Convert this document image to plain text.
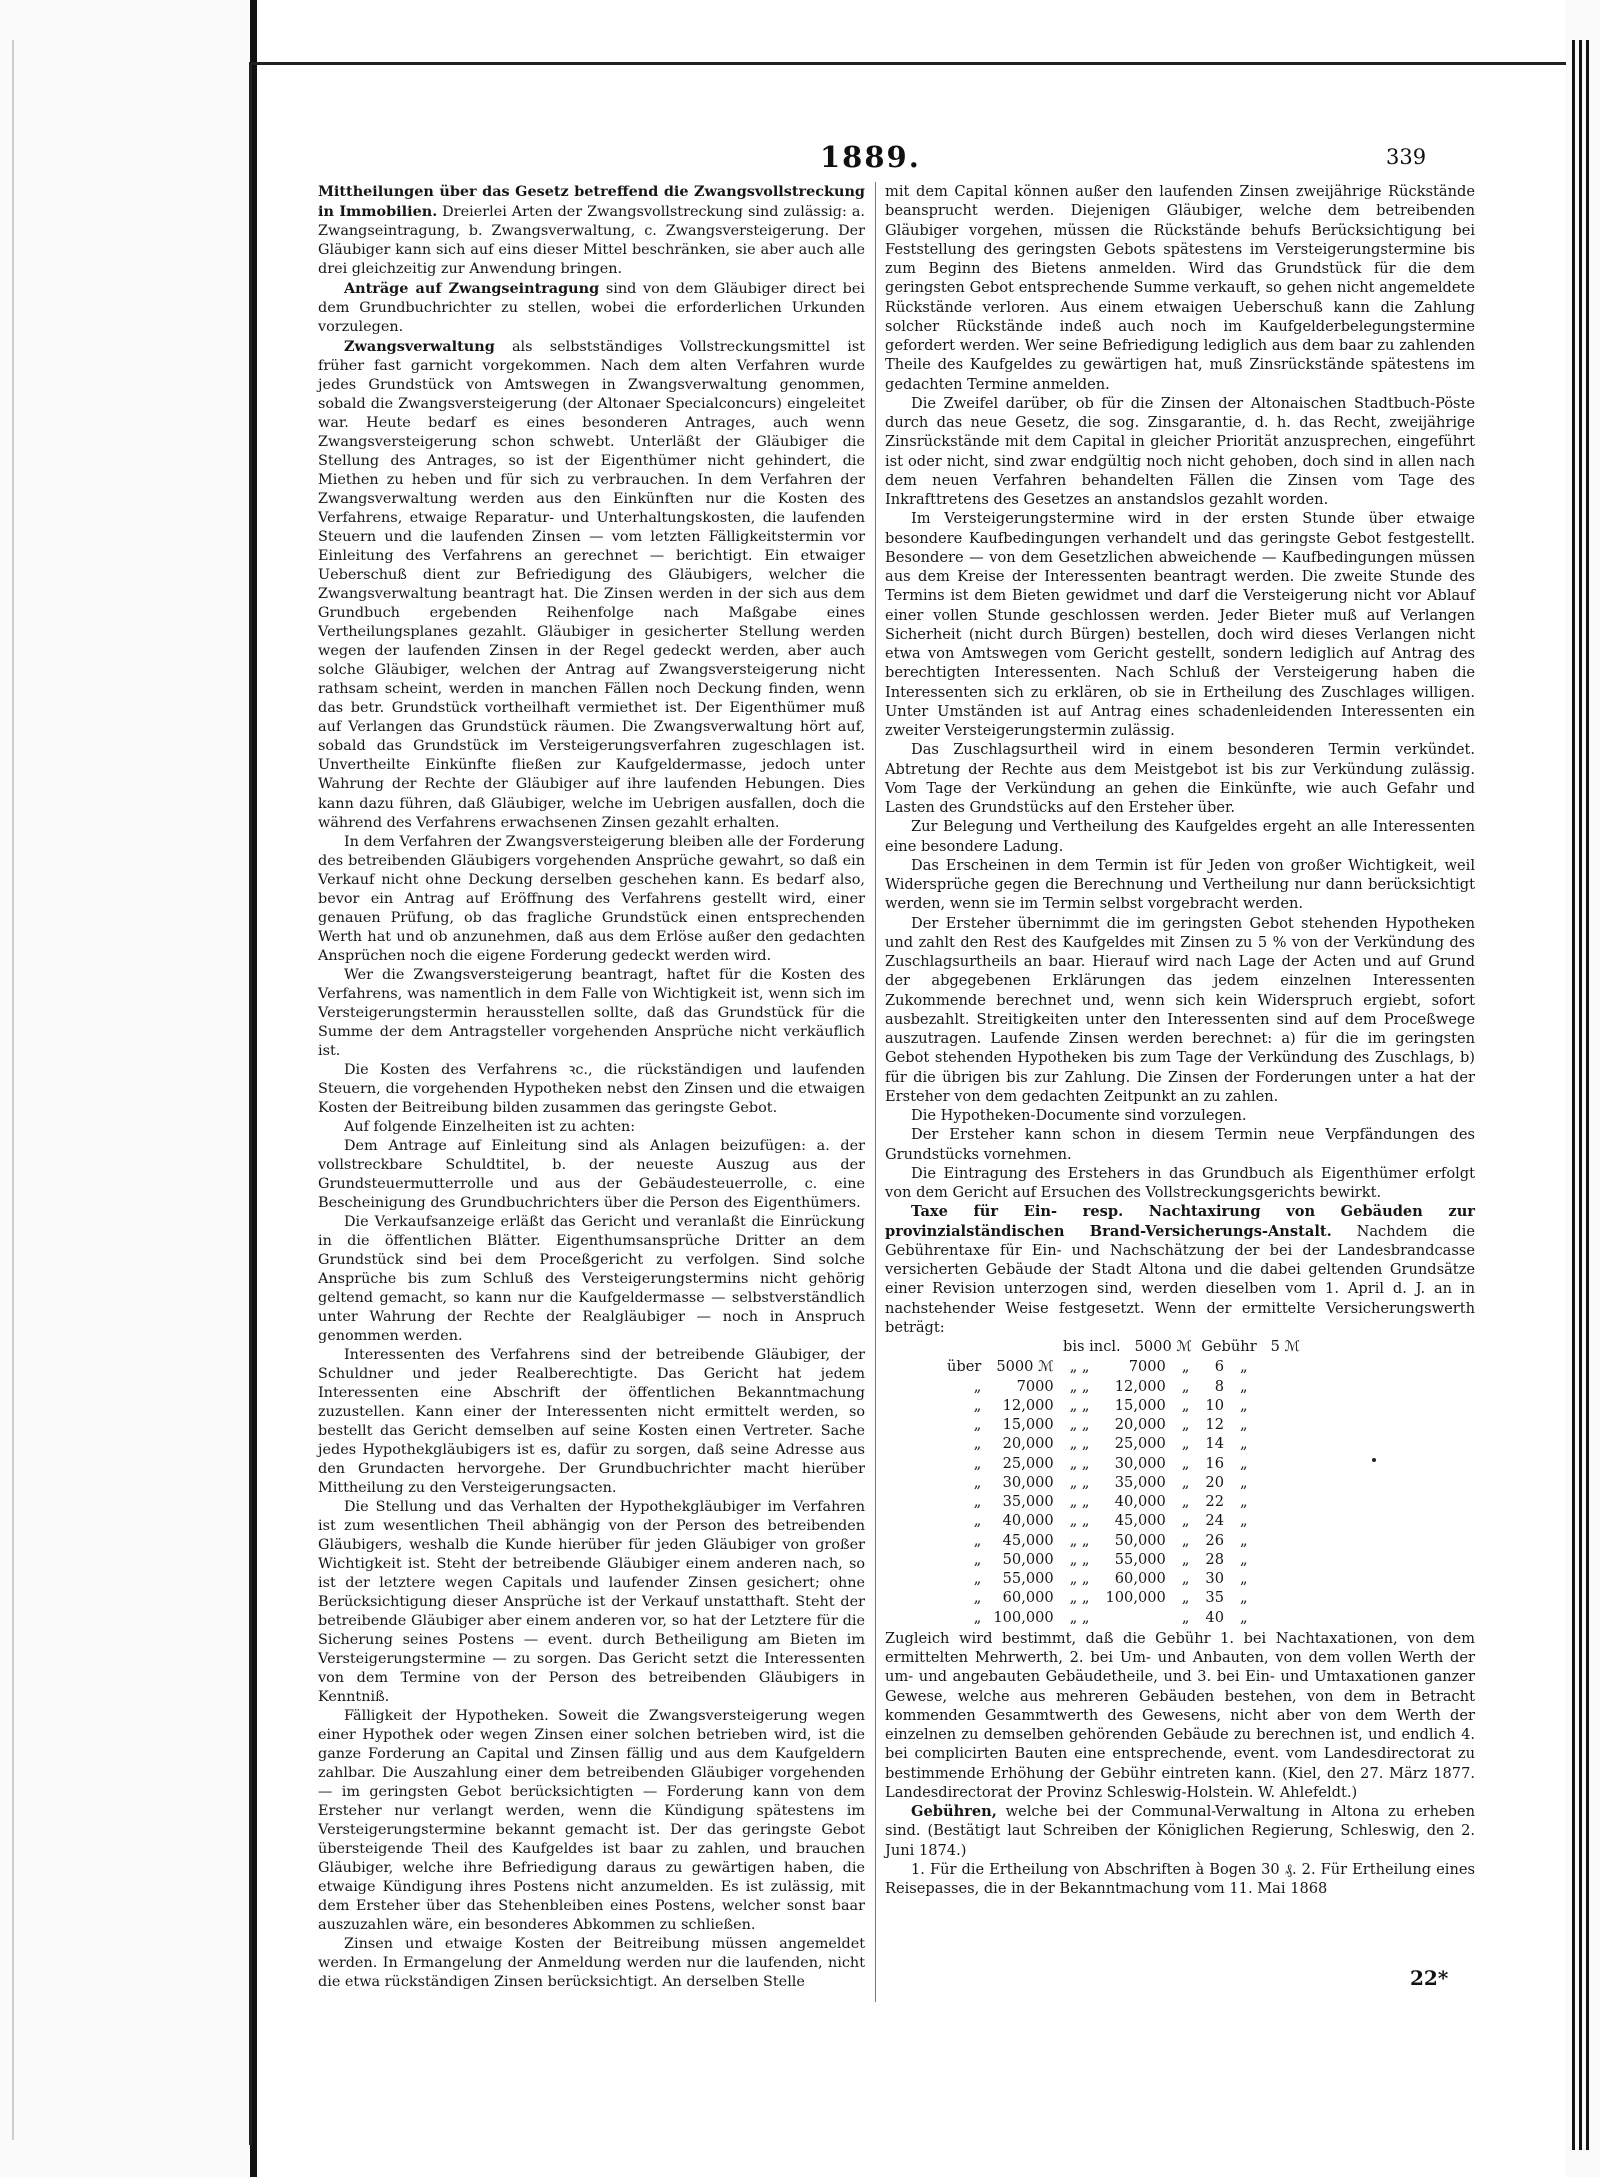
1889.	339

Mittheilungen über das Gesetz betreffend die Zwangsvollstreckung in Immobilien. Dreierlei Arten der Zwangsvollstreckung sind zulässig: a. Zwangseintragung, b. Zwangsverwaltung, c. Zwangsversteigerung. Der Gläubiger kann sich auf eins dieser Mittel beschränken, sie aber auch alle drei gleichzeitig zur Anwendung bringen.

Anträge auf Zwangseintragung sind von dem Gläubiger direct bei dem Grundbuchrichter zu stellen, wobei die erforderlichen Urkunden vorzulegen.

Zwangsverwaltung als selbstständiges Vollstreckungsmittel ist früher fast garnicht vorgekommen. Nach dem alten Verfahren wurde jedes Grundstück von Amtswegen in Zwangsverwaltung genommen, sobald die Zwangsversteigerung (der Altonaer Specialconcurs) eingeleitet war. Heute bedarf es eines besonderen Antrages, auch wenn Zwangsversteigerung schon schwebt. Unterläßt der Gläubiger die Stellung des Antrages, so ist der Eigenthümer nicht gehindert, die Miethen zu heben und für sich zu verbrauchen. In dem Verfahren der Zwangsverwaltung werden aus den Einkünften nur die Kosten des Verfahrens, etwaige Reparatur- und Unterhaltungskosten, die laufenden Steuern und die laufenden Zinsen — vom letzten Fälligkeitstermin vor Einleitung des Verfahrens an gerechnet — berichtigt. Ein etwaiger Ueberschuß dient zur Befriedigung des Gläubigers, welcher die Zwangsverwaltung beantragt hat. Die Zinsen werden in der sich aus dem Grundbuch ergebenden Reihenfolge nach Maßgabe eines Vertheilungsplanes gezahlt. Gläubiger in gesicherter Stellung werden wegen der laufenden Zinsen in der Regel gedeckt werden, aber auch solche Gläubiger, welchen der Antrag auf Zwangsversteigerung nicht rathsam scheint, werden in manchen Fällen noch Deckung finden, wenn das betr. Grundstück vortheilhaft vermiethet ist. Der Eigenthümer muß auf Verlangen das Grundstück räumen. Die Zwangsverwaltung hört auf, sobald das Grundstück im Versteigerungsverfahren zugeschlagen ist. Unvertheilte Einkünfte fließen zur Kaufgeldermasse, jedoch unter Wahrung der Rechte der Gläubiger auf ihre laufenden Hebungen. Dies kann dazu führen, daß Gläubiger, welche im Uebrigen ausfallen, doch die während des Verfahrens erwachsenen Zinsen gezahlt erhalten.

In dem Verfahren der Zwangsversteigerung bleiben alle der Forderung des betreibenden Gläubigers vorgehenden Ansprüche gewahrt, so daß ein Verkauf nicht ohne Deckung derselben geschehen kann. Es bedarf also, bevor ein Antrag auf Eröffnung des Verfahrens gestellt wird, einer genauen Prüfung, ob das fragliche Grundstück einen entsprechenden Werth hat und ob anzunehmen, daß aus dem Erlöse außer den gedachten Ansprüchen noch die eigene Forderung gedeckt werden wird.

Wer die Zwangsversteigerung beantragt, haftet für die Kosten des Verfahrens, was namentlich in dem Falle von Wichtigkeit ist, wenn sich im Versteigerungstermin herausstellen sollte, daß das Grundstück für die Summe der dem Antragsteller vorgehenden Ansprüche nicht verkäuflich ist.

Die Kosten des Verfahrens ꝛc., die rückständigen und laufenden Steuern, die vorgehenden Hypotheken nebst den Zinsen und die etwaigen Kosten der Beitreibung bilden zusammen das geringste Gebot.

Auf folgende Einzelheiten ist zu achten:

Dem Antrage auf Einleitung sind als Anlagen beizufügen: a. der vollstreckbare Schuldtitel, b. der neueste Auszug aus der Grundsteuermutterrolle und aus der Gebäudesteuerrolle, c. eine Bescheinigung des Grundbuchrichters über die Person des Eigenthümers.

Die Verkaufsanzeige erläßt das Gericht und veranlaßt die Einrückung in die öffentlichen Blätter. Eigenthumsansprüche Dritter an dem Grundstück sind bei dem Proceßgericht zu verfolgen. Sind solche Ansprüche bis zum Schluß des Versteigerungstermins nicht gehörig geltend gemacht, so kann nur die Kaufgeldermasse — selbstverständlich unter Wahrung der Rechte der Realgläubiger — noch in Anspruch genommen werden.

Interessenten des Verfahrens sind der betreibende Gläubiger, der Schuldner und jeder Realberechtigte. Das Gericht hat jedem Interessenten eine Abschrift der öffentlichen Bekanntmachung zuzustellen. Kann einer der Interessenten nicht ermittelt werden, so bestellt das Gericht demselben auf seine Kosten einen Vertreter. Sache jedes Hypothekgläubigers ist es, dafür zu sorgen, daß seine Adresse aus den Grundacten hervorgehe. Der Grundbuchrichter macht hierüber Mittheilung zu den Versteigerungsacten.

Die Stellung und das Verhalten der Hypothekgläubiger im Verfahren ist zum wesentlichen Theil abhängig von der Person des betreibenden Gläubigers, weshalb die Kunde hierüber für jeden Gläubiger von großer Wichtigkeit ist. Steht der betreibende Gläubiger einem anderen nach, so ist der letztere wegen Capitals und laufender Zinsen gesichert; ohne Berücksichtigung dieser Ansprüche ist der Verkauf unstatthaft. Steht der betreibende Gläubiger aber einem anderen vor, so hat der Letztere für die Sicherung seines Postens — event. durch Betheiligung am Bieten im Versteigerungstermine — zu sorgen. Das Gericht setzt die Interessenten von dem Termine von der Person des betreibenden Gläubigers in Kenntniß.

Fälligkeit der Hypotheken. Soweit die Zwangsversteigerung wegen einer Hypothek oder wegen Zinsen einer solchen betrieben wird, ist die ganze Forderung an Capital und Zinsen fällig und aus dem Kaufgeldern zahlbar. Die Auszahlung einer dem betreibenden Gläubiger vorgehenden — im geringsten Gebot berücksichtigten — Forderung kann von dem Ersteher nur verlangt werden, wenn die Kündigung spätestens im Versteigerungstermine bekannt gemacht ist. Der das geringste Gebot übersteigende Theil des Kaufgeldes ist baar zu zahlen, und brauchen Gläubiger, welche ihre Befriedigung daraus zu gewärtigen haben, die etwaige Kündigung ihres Postens nicht anzumelden. Es ist zulässig, mit dem Ersteher über das Stehenbleiben eines Postens, welcher sonst baar auszuzahlen wäre, ein besonderes Abkommen zu schließen.

Zinsen und etwaige Kosten der Beitreibung müssen angemeldet werden. In Ermangelung der Anmeldung werden nur die laufenden, nicht die etwa rückständigen Zinsen berücksichtigt. An derselben Stelle

mit dem Capital können außer den laufenden Zinsen zweijährige Rückstände beansprucht werden. Diejenigen Gläubiger, welche dem betreibenden Gläubiger vorgehen, müssen die Rückstände behufs Berücksichtigung bei Feststellung des geringsten Gebots spätestens im Versteigerungstermine bis zum Beginn des Bietens anmelden. Wird das Grundstück für die dem geringsten Gebot entsprechende Summe verkauft, so gehen nicht angemeldete Rückstände verloren. Aus einem etwaigen Ueberschuß kann die Zahlung solcher Rückstände indeß auch noch im Kaufgelderbelegungstermine gefordert werden. Wer seine Befriedigung lediglich aus dem baar zu zahlenden Theile des Kaufgeldes zu gewärtigen hat, muß Zinsrückstände spätestens im gedachten Termine anmelden.

Die Zweifel darüber, ob für die Zinsen der Altonaischen Stadtbuch-Pöste durch das neue Gesetz, die sog. Zinsgarantie, d. h. das Recht, zweijährige Zinsrückstände mit dem Capital in gleicher Priorität anzusprechen, eingeführt ist oder nicht, sind zwar endgültig noch nicht gehoben, doch sind in allen nach dem neuen Verfahren behandelten Fällen die Zinsen vom Tage des Inkrafttretens des Gesetzes an anstandslos gezahlt worden.

Im Versteigerungstermine wird in der ersten Stunde über etwaige besondere Kaufbedingungen verhandelt und das geringste Gebot festgestellt. Besondere — von dem Gesetzlichen abweichende — Kaufbedingungen müssen aus dem Kreise der Interessenten beantragt werden. Die zweite Stunde des Termins ist dem Bieten gewidmet und darf die Versteigerung nicht vor Ablauf einer vollen Stunde geschlossen werden. Jeder Bieter muß auf Verlangen Sicherheit (nicht durch Bürgen) bestellen, doch wird dieses Verlangen nicht etwa von Amtswegen vom Gericht gestellt, sondern lediglich auf Antrag des berechtigten Interessenten. Nach Schluß der Versteigerung haben die Interessenten sich zu erklären, ob sie in Ertheilung des Zuschlages willigen. Unter Umständen ist auf Antrag eines schadenleidenden Interessenten ein zweiter Versteigerungstermin zulässig.

Das Zuschlagsurtheil wird in einem besonderen Termin verkündet. Abtretung der Rechte aus dem Meistgebot ist bis zur Verkündung zulässig. Vom Tage der Verkündung an gehen die Einkünfte, wie auch Gefahr und Lasten des Grundstücks auf den Ersteher über.

Zur Belegung und Vertheilung des Kaufgeldes ergeht an alle Interessenten eine besondere Ladung.

Das Erscheinen in dem Termin ist für Jeden von großer Wichtigkeit, weil Widersprüche gegen die Berechnung und Vertheilung nur dann berücksichtigt werden, wenn sie im Termin selbst vorgebracht werden.

Der Ersteher übernimmt die im geringsten Gebot stehenden Hypotheken und zahlt den Rest des Kaufgeldes mit Zinsen zu 5 % von der Verkündung des Zuschlagsurtheils an baar. Hierauf wird nach Lage der Acten und auf Grund der abgegebenen Erklärungen das jedem einzelnen Interessenten Zukommende berechnet und, wenn sich kein Widerspruch ergiebt, sofort ausbezahlt. Streitigkeiten unter den Interessenten sind auf dem Proceßwege auszutragen. Laufende Zinsen werden berechnet: a) für die im geringsten Gebot stehenden Hypotheken bis zum Tage der Verkündung des Zuschlags, b) für die übrigen bis zur Zahlung. Die Zinsen der Forderungen unter a hat der Ersteher von dem gedachten Zeitpunkt an zu zahlen.

Die Hypotheken-Documente sind vorzulegen.

Der Ersteher kann schon in diesem Termin neue Verpfändungen des Grundstücks vornehmen.

Die Eintragung des Erstehers in das Grundbuch als Eigenthümer erfolgt von dem Gericht auf Ersuchen des Vollstreckungsgerichts bewirkt.

Taxe für Ein- resp. Nachtaxirung von Gebäuden zur provinzialständischen Brand-Versicherungs-Anstalt. Nachdem die Gebührentaxe für Ein- und Nachschätzung der bei der Landesbrandcasse versicherten Gebäude der Stadt Altona und die dabei geltenden Grundsätze einer Revision unterzogen sind, werden dieselben vom 1. April d. J. an in nachstehender Weise festgesetzt. Wenn der ermittelte Versicherungswerth beträgt:

bis incl.   5000 ℳ  Gebühr   5 ℳ
über	5000 ℳ	„ „	7000	„	6	„
„	7000	„ „	12,000	„	8	„
„	12,000	„ „	15,000	„	10	„
„	15,000	„ „	20,000	„	12	„
„	20,000	„ „	25,000	„	14	„
„	25,000	„ „	30,000	„	16	„
„	30,000	„ „	35,000	„	20	„
„	35,000	„ „	40,000	„	22	„
„	40,000	„ „	45,000	„	24	„
„	45,000	„ „	50,000	„	26	„
„	50,000	„ „	55,000	„	28	„
„	55,000	„ „	60,000	„	30	„
„	60,000	„ „	100,000	„	35	„
„	100,000	„ „		„	40	„

Zugleich wird bestimmt, daß die Gebühr 1. bei Nachtaxationen, von dem ermittelten Mehrwerth, 2. bei Um- und Anbauten, von dem vollen Werth der um- und angebauten Gebäudetheile, und 3. bei Ein- und Umtaxationen ganzer Gewese, welche aus mehreren Gebäuden bestehen, von dem in Betracht kommenden Gesammtwerth des Gewesens, nicht aber von dem Werth der einzelnen zu demselben gehörenden Gebäude zu berechnen ist, und endlich 4. bei complicirten Bauten eine entsprechende, event. vom Landesdirectorat zu bestimmende Erhöhung der Gebühr eintreten kann. (Kiel, den 27. März 1877. Landesdirectorat der Provinz Schleswig-Holstein. W. Ahlefeldt.)

Gebühren, welche bei der Communal-Verwaltung in Altona zu erheben sind. (Bestätigt laut Schreiben der Königlichen Regierung, Schleswig, den 2. Juni 1874.)

1. Für die Ertheilung von Abschriften à Bogen 30 ₰. 2. Für Ertheilung eines Reisepasses, die in der Bekanntmachung vom 11. Mai 1868

22*
